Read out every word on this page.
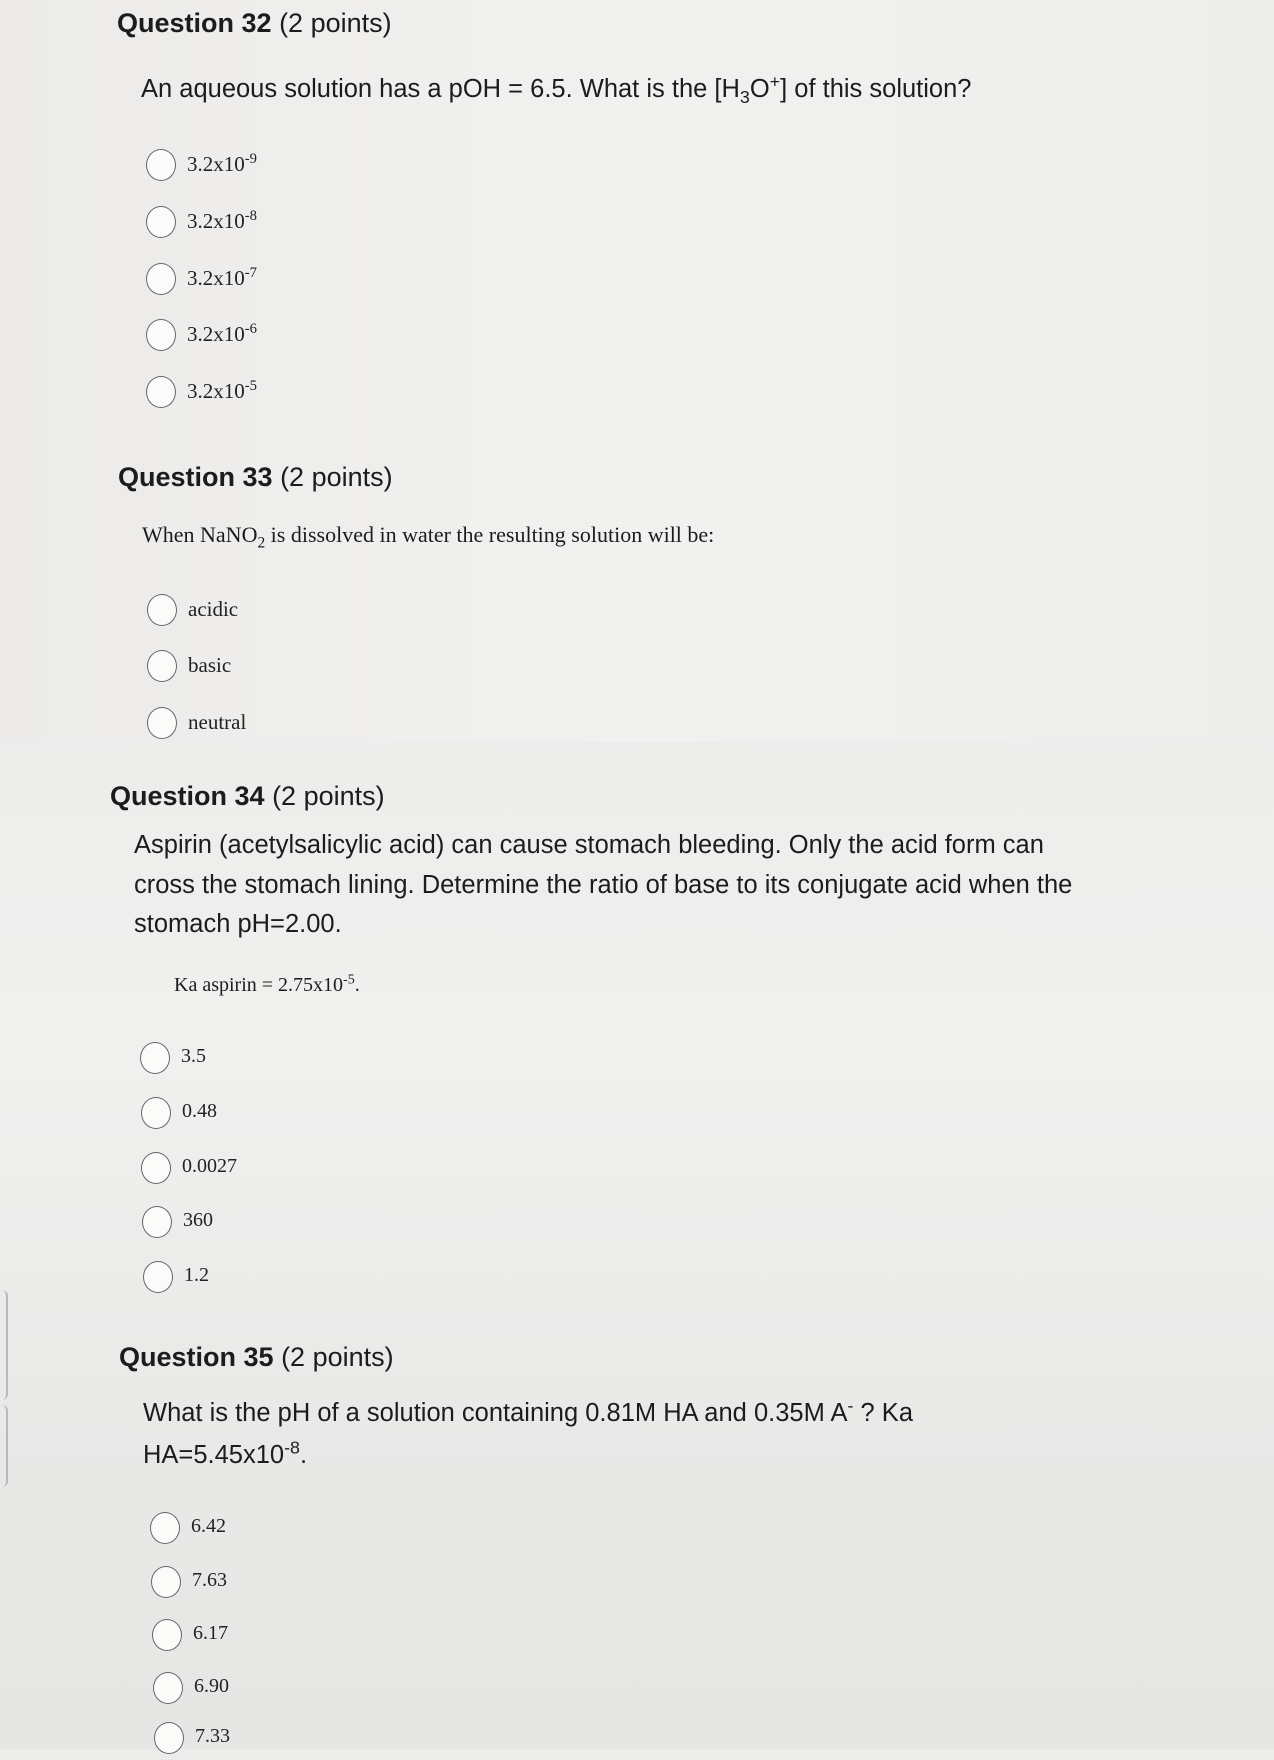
Question 32 (2 points)
An aqueous solution has a pOH = 6.5. What is the $[H_3O^+]$ of this solution?
$3.2x10^{-9}$
$3.2x10^{-8}$
$3.2x10^{-7}$
$3.2x10^{-6}$
$3.2x10^{-5}$
Question 33 (2 points)
When NaNO$_2$ is dissolved in water the resulting solution will be:
acidic
basic
neutral
Question 34 (2 points)
Aspirin (acetylsalicylic acid) can cause stomach bleeding. Only the acid form can
cross the stomach lining. Determine the ratio of base to its conjugate acid when the
stomach pH=2.00.
Ka aspirin = $2.75x10^{-5}$.
3.5
0.48
0.0027
360
1.2
Question 35 (2 points)
What is the pH of a solution containing 0.81M HA and 0.35M A- ? Ka
$HA=5.45x10^{-8}$.
6.42
7.63
6.17
6.90
7.33
